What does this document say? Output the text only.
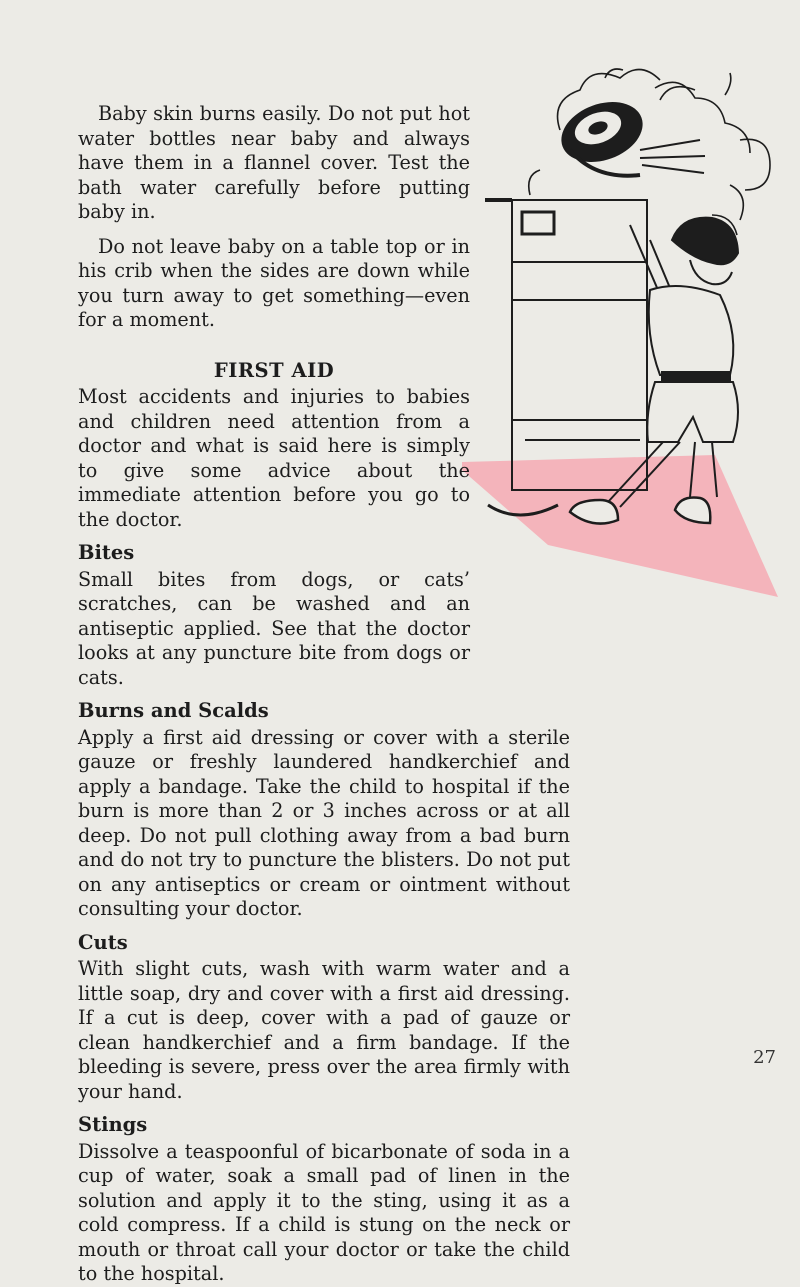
Baby skin burns easily. Do not put hot water bottles near baby and always have them in a flannel cover. Test the bath water carefully before putting baby in.

Do not leave baby on a table top or in his crib when the sides are down while you turn away to get something—even for a moment.

FIRST AID

Most accidents and injuries to babies and children need attention from a doctor and what is said here is simply to give some advice about the immediate attention before you go to the doctor.

Bites

Small bites from dogs, or cats’ scratches, can be washed and an antiseptic applied. See that the doctor looks at any puncture bite from dogs or cats.

Burns and Scalds

Apply a first aid dressing or cover with a sterile gauze or freshly laundered handkerchief and apply a bandage. Take the child to hospital if the burn is more than 2 or 3 inches across or at all deep. Do not pull clothing away from a bad burn and do not try to puncture the blisters. Do not put on any antiseptics or cream or ointment without consulting your doctor.

Cuts

With slight cuts, wash with warm water and a little soap, dry and cover with a first aid dressing. If a cut is deep, cover with a pad of gauze or clean handkerchief and a firm bandage. If the bleeding is severe, press over the area firmly with your hand.

Stings

Dissolve a teaspoonful of bicarbonate of soda in a cup of water, soak a small pad of linen in the solution and apply it to the sting, using it as a cold compress. If a child is stung on the neck or mouth or throat call your doctor or take the child to the hospital.

27
